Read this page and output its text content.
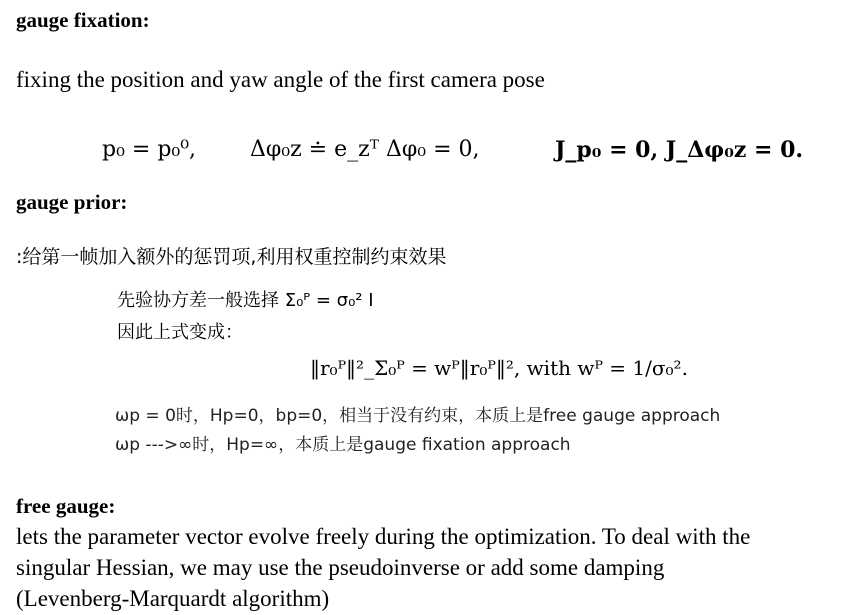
gauge fixation:
fixing the position and yaw angle of the first camera pose
p₀ = p₀⁰, Δφ₀z ≐ e_zᵀ Δφ₀ = 0,	J_p₀ = 0, J_Δφ₀z = 0.
gauge prior:
:给第一帧加入额外的惩罚项,利用权重控制约束效果
先验协方差一般选择 Σ₀ᴾ = σ₀² I
因此上式变成：
‖r₀ᴾ‖²_Σ₀ᴾ = wᴾ‖r₀ᴾ‖², with wᴾ = 1/σ₀².
ωp = 0时，Hp=0，bp=0，相当于没有约束，本质上是free gauge approach
ωp --->∞时，Hp=∞，本质上是gauge fixation approach
free gauge:
lets the parameter vector evolve freely during the optimization. To deal with the
singular Hessian, we may use the pseudoinverse or add some damping
(Levenberg-Marquardt algorithm)
